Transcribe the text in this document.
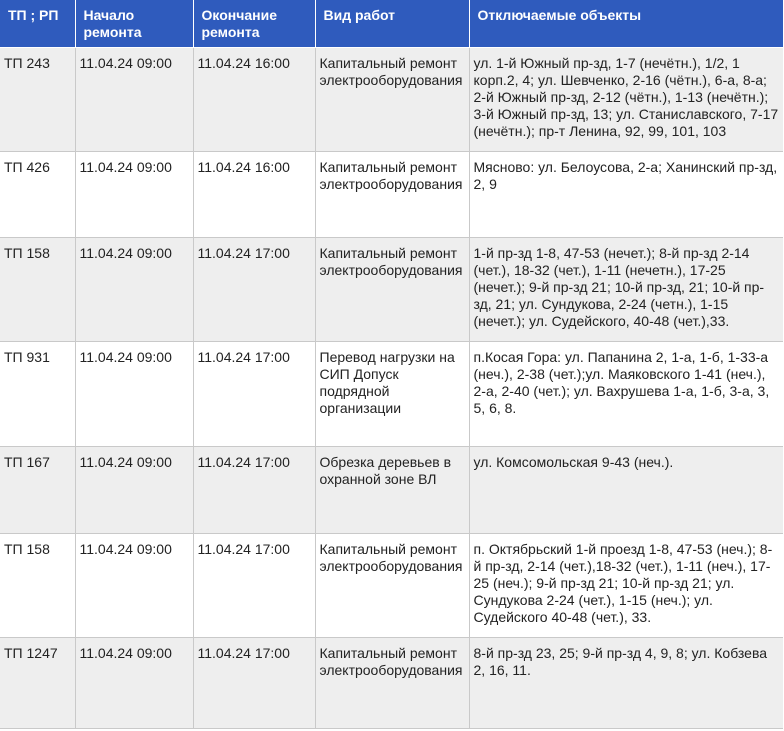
ТП ; РП	Начало ремонта	Окончание ремонта	Вид работ	Отключаемые объекты
ТП 243	11.04.24 09:00	11.04.24 16:00	Капитальный ремонт электрооборудования	ул. 1-й Южный пр-зд, 1-7 (нечётн.), 1/2, 1 корп.2, 4; ул. Шевченко, 2-16 (чётн.), 6-а, 8-а; 2-й Южный пр-зд, 2-12 (чётн.), 1-13 (нечётн.); 3-й Южный пр-зд, 13; ул. Станиславского, 7-17 (нечётн.); пр-т Ленина, 92, 99, 101, 103
ТП 426	11.04.24 09:00	11.04.24 16:00	Капитальный ремонт электрооборудования	Мясново: ул. Белоусова, 2-а; Ханинский пр-зд, 2, 9
ТП 158	11.04.24 09:00	11.04.24 17:00	Капитальный ремонт электрооборудования	1-й пр-зд 1-8, 47-53 (нечет.); 8-й пр-зд 2-14 (чет.), 18-32 (чет.), 1-11 (нечетн.), 17-25 (нечет.); 9-й пр-зд 21; 10-й пр-зд, 21; 10-й пр-зд, 21; ул. Сундукова, 2-24 (четн.), 1-15 (нечет.); ул. Судейского, 40-48 (чет.),33.
ТП 931	11.04.24 09:00	11.04.24 17:00	Перевод нагрузки на СИП Допуск подрядной организации	п.Косая Гора: ул. Папанина 2, 1-а, 1-б, 1-33-а (неч.), 2-38 (чет.);ул. Маяковского 1-41 (неч.), 2-а, 2-40 (чет.); ул. Вахрушева 1-а, 1-б, 3-а, 3, 5, 6, 8.
ТП 167	11.04.24 09:00	11.04.24 17:00	Обрезка деревьев в охранной зоне ВЛ	ул. Комсомольская 9-43 (неч.).
ТП 158	11.04.24 09:00	11.04.24 17:00	Капитальный ремонт электрооборудования	п. Октябрьский 1-й проезд 1-8, 47-53 (неч.); 8-й пр-зд, 2-14 (чет.),18-32 (чет.), 1-11 (неч.), 17-25 (неч.); 9-й пр-зд 21; 10-й пр-зд 21; ул. Сундукова 2-24 (чет.), 1-15 (неч.); ул. Судейского 40-48 (чет.), 33.
ТП 1247	11.04.24 09:00	11.04.24 17:00	Капитальный ремонт электрооборудования	8-й пр-зд 23, 25; 9-й пр-зд 4, 9, 8; ул. Кобзева 2, 16, 11.
